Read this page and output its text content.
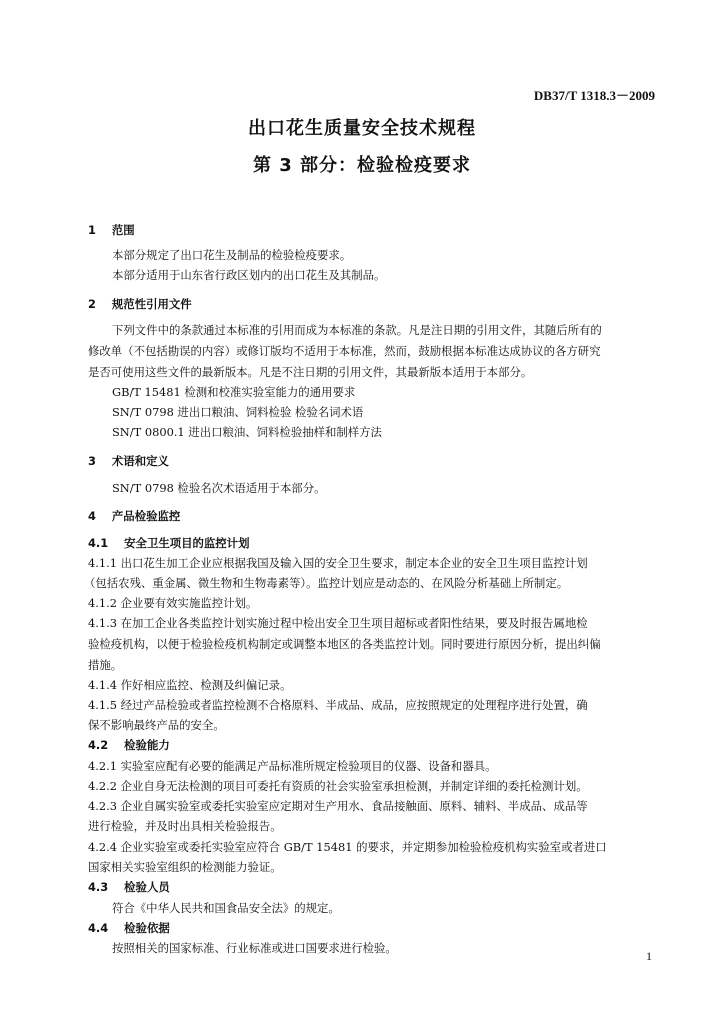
DB37/T 1318.3－2009
出口花生质量安全技术规程
第 3 部分：检验检疫要求
1 范围
本部分规定了出口花生及制品的检验检疫要求。
本部分适用于山东省行政区划内的出口花生及其制品。
2 规范性引用文件
下列文件中的条款通过本标准的引用而成为本标准的条款。凡是注日期的引用文件，其随后所有的
修改单（不包括勘误的内容）或修订版均不适用于本标准，然而，鼓励根据本标准达成协议的各方研究
是否可使用这些文件的最新版本。凡是不注日期的引用文件，其最新版本适用于本部分。
GB/T 15481 检测和校准实验室能力的通用要求
SN/T 0798 进出口粮油、饲料检验 检验名词术语
SN/T 0800.1 进出口粮油、饲料检验抽样和制样方法
3 术语和定义
SN/T 0798 检验名次术语适用于本部分。
4 产品检验监控
4.1 安全卫生项目的监控计划
4.1.1 出口花生加工企业应根据我国及输入国的安全卫生要求，制定本企业的安全卫生项目监控计划
（包括农残、重金属、微生物和生物毒素等）。监控计划应是动态的、在风险分析基础上所制定。
4.1.2 企业要有效实施监控计划。
4.1.3 在加工企业各类监控计划实施过程中检出安全卫生项目超标或者阳性结果，要及时报告属地检
验检疫机构，以便于检验检疫机构制定或调整本地区的各类监控计划。同时要进行原因分析，提出纠偏
措施。
4.1.4 作好相应监控、检测及纠偏记录。
4.1.5 经过产品检验或者监控检测不合格原料、半成品、成品，应按照规定的处理程序进行处置，确
保不影响最终产品的安全。
4.2 检验能力
4.2.1 实验室应配有必要的能满足产品标准所规定检验项目的仪器、设备和器具。
4.2.2 企业自身无法检测的项目可委托有资质的社会实验室承担检测，并制定详细的委托检测计划。
4.2.3 企业自属实验室或委托实验室应定期对生产用水、食品接触面、原料、辅料、半成品、成品等
进行检验，并及时出具相关检验报告。
4.2.4 企业实验室或委托实验室应符合 GB/T 15481 的要求，并定期参加检验检疫机构实验室或者进口
国家相关实验室组织的检测能力验证。
4.3 检验人员
符合《中华人民共和国食品安全法》的规定。
4.4 检验依据
按照相关的国家标准、行业标准或进口国要求进行检验。
1
